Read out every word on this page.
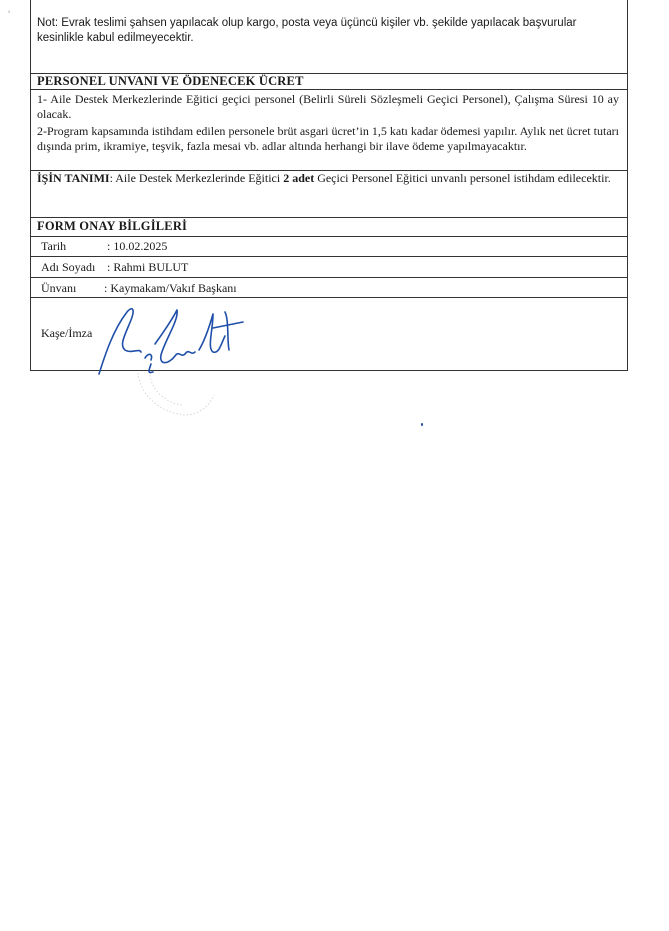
ˣ
Not: Evrak teslimi şahsen yapılacak olup kargo, posta veya üçüncü kişiler vb. şekilde yapılacak başvurular
kesinlikle kabul edilmeyecektir.
PERSONEL UNVANI VE ÖDENECEK ÜCRET
1- Aile Destek Merkezlerinde Eğitici geçici personel (Belirli Süreli Sözleşmeli Geçici Personel), Çalışma Süresi 10 ay olacak.
2-Program kapsamında istihdam edilen personele brüt asgari ücret’in 1,5 katı kadar ödemesi yapılır. Aylık net ücret tutarı dışında prim, ikramiye, teşvik, fazla mesai vb. adlar altında herhangi bir ilave ödeme yapılmayacaktır.
İŞİN TANIMI: Aile Destek Merkezlerinde Eğitici 2 adet Geçici Personel Eğitici unvanlı personel istihdam edilecektir.
FORM ONAY BİLGİLERİ
Tarih	: 10.02.2025
Adı Soyadı : Rahmi BULUT
Ünvanı : Kaymakam/Vakıf Başkanı
Kaşe/İmza
